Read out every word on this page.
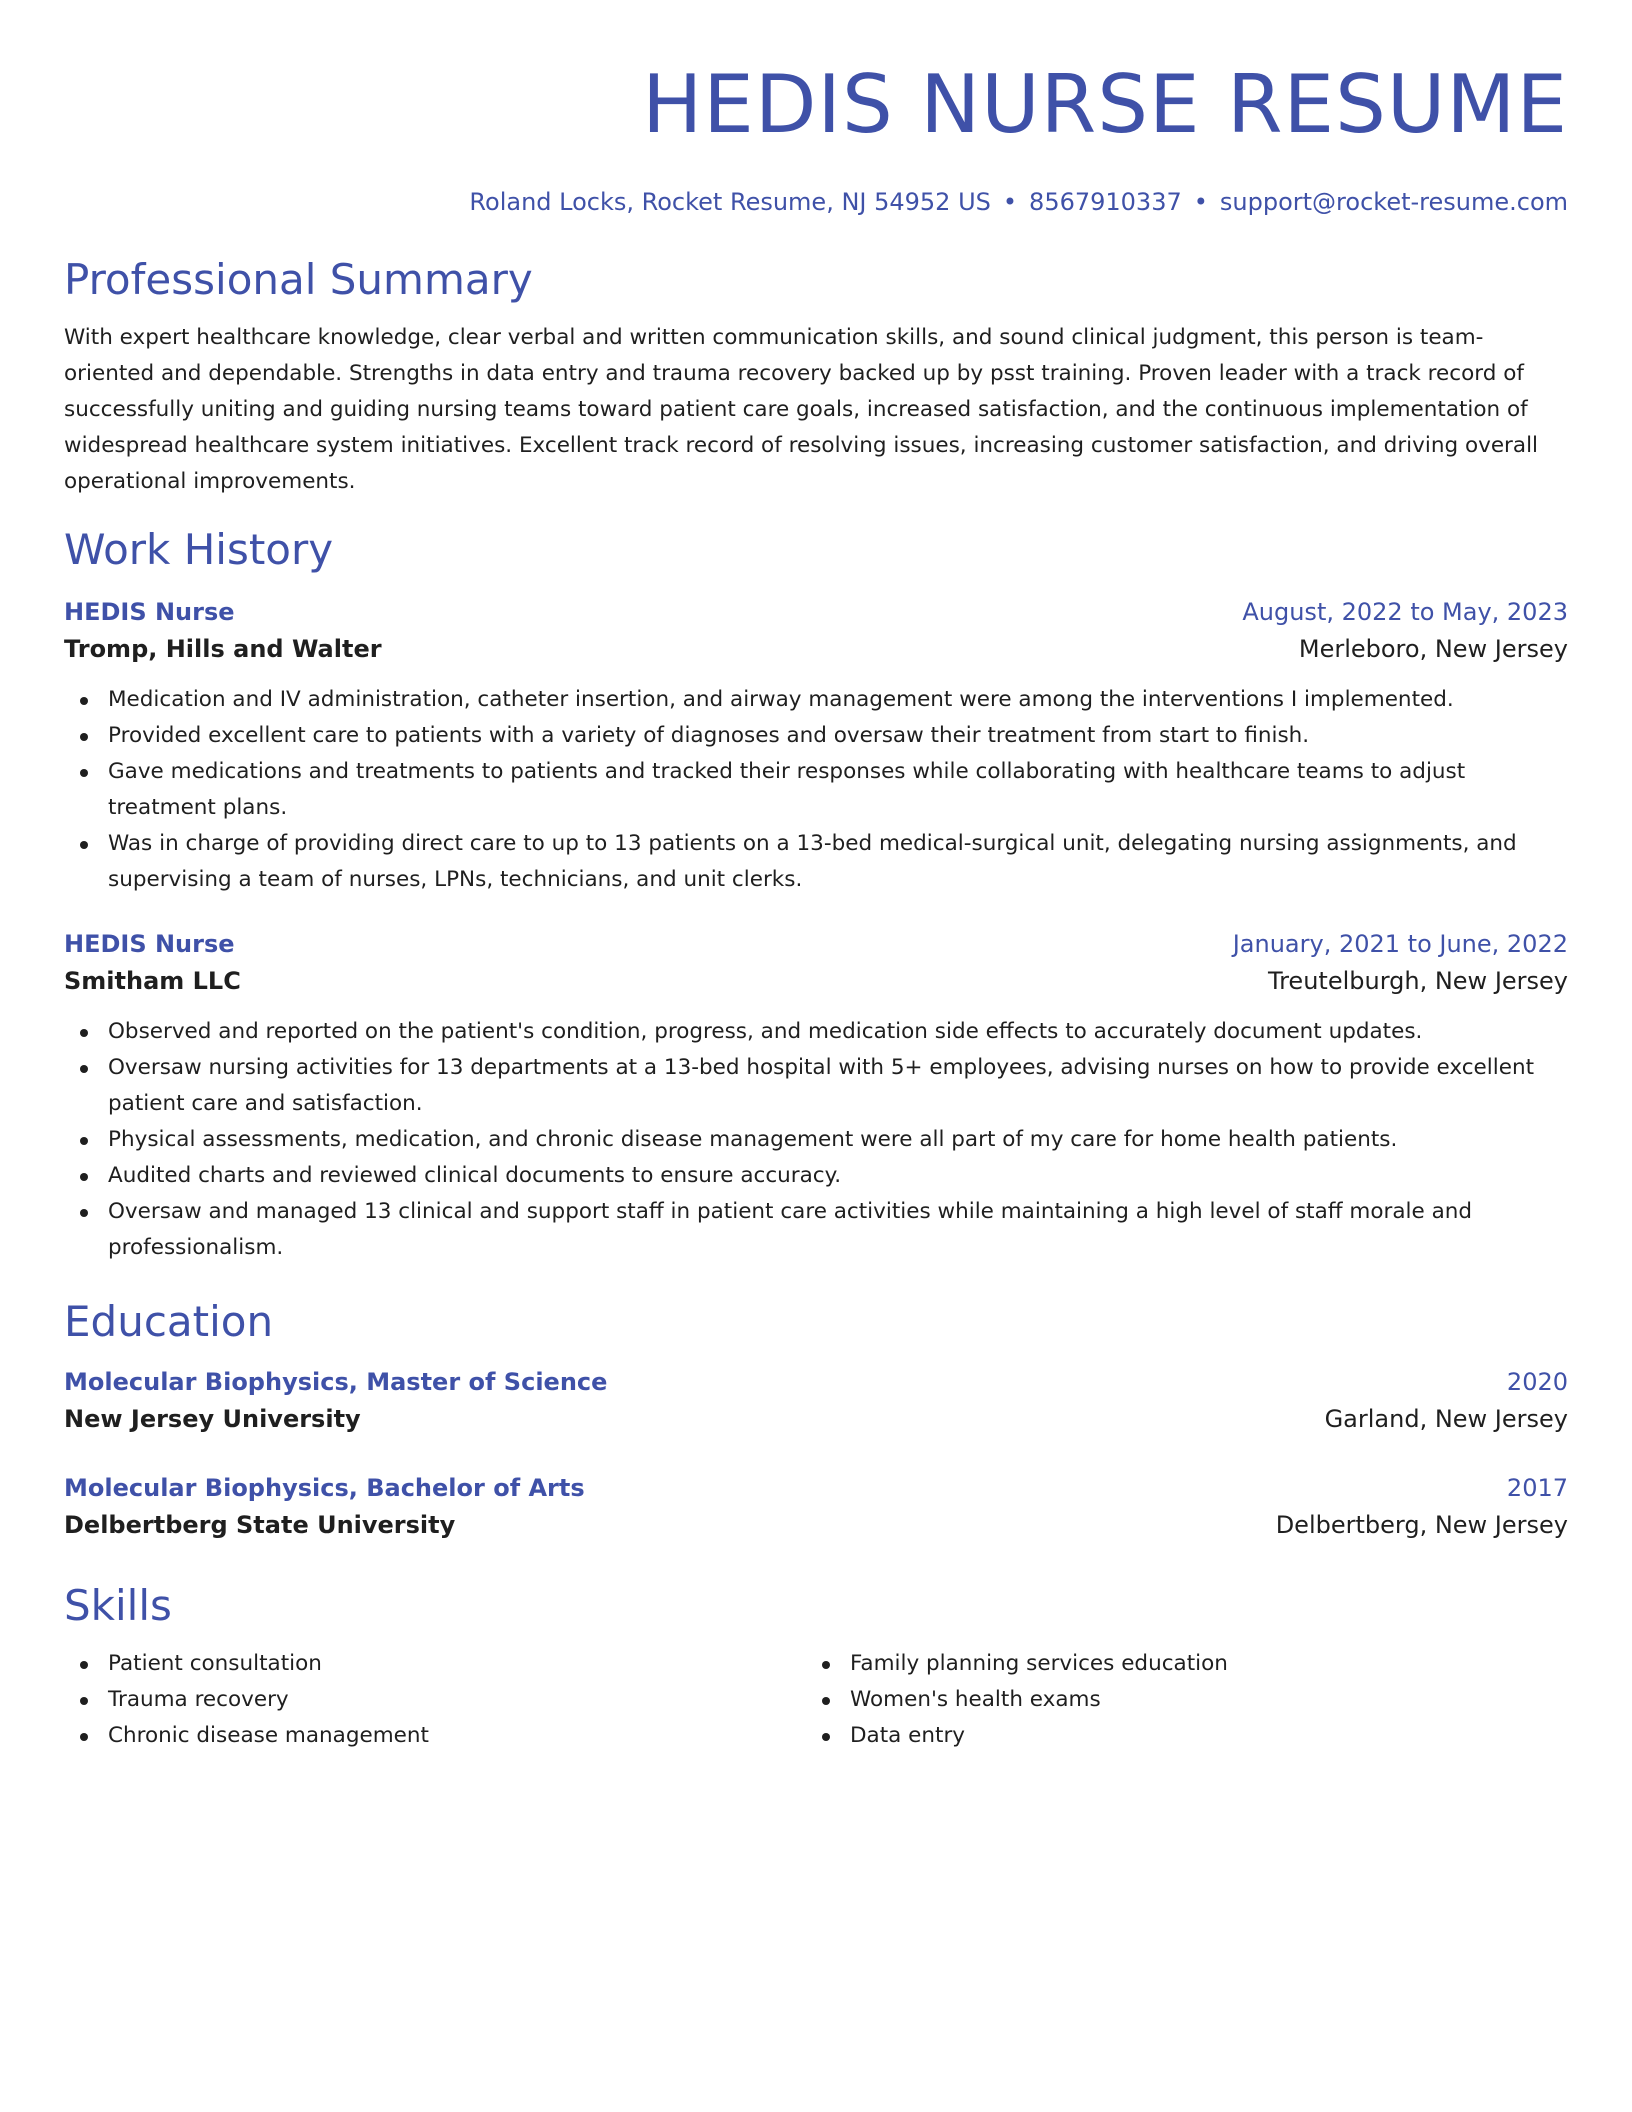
HEDIS NURSE RESUME
Roland Locks, Rocket Resume, NJ 54952 US • 8567910337 • support@rocket-resume.com
Professional Summary
With expert healthcare knowledge, clear verbal and written communication skills, and sound clinical judgment, this person is team-oriented and dependable. Strengths in data entry and trauma recovery backed up by psst training. Proven leader with a track record of successfully uniting and guiding nursing teams toward patient care goals, increased satisfaction, and the continuous implementation of widespread healthcare system initiatives. Excellent track record of resolving issues, increasing customer satisfaction, and driving overall operational improvements.
Work History
HEDIS Nurse	August, 2022 to May, 2023
Tromp, Hills and Walter	Merleboro, New Jersey
Medication and IV administration, catheter insertion, and airway management were among the interventions I implemented.
Provided excellent care to patients with a variety of diagnoses and oversaw their treatment from start to finish.
Gave medications and treatments to patients and tracked their responses while collaborating with healthcare teams to adjust treatment plans.
Was in charge of providing direct care to up to 13 patients on a 13-bed medical-surgical unit, delegating nursing assignments, and supervising a team of nurses, LPNs, technicians, and unit clerks.
HEDIS Nurse	January, 2021 to June, 2022
Smitham LLC	Treutelburgh, New Jersey
Observed and reported on the patient's condition, progress, and medication side effects to accurately document updates.
Oversaw nursing activities for 13 departments at a 13-bed hospital with 5+ employees, advising nurses on how to provide excellent patient care and satisfaction.
Physical assessments, medication, and chronic disease management were all part of my care for home health patients.
Audited charts and reviewed clinical documents to ensure accuracy.
Oversaw and managed 13 clinical and support staff in patient care activities while maintaining a high level of staff morale and professionalism.
Education
Molecular Biophysics, Master of Science	2020
New Jersey University	Garland, New Jersey
Molecular Biophysics, Bachelor of Arts	2017
Delbertberg State University	Delbertberg, New Jersey
Skills
Patient consultation
Trauma recovery
Chronic disease management
Family planning services education
Women's health exams
Data entry
